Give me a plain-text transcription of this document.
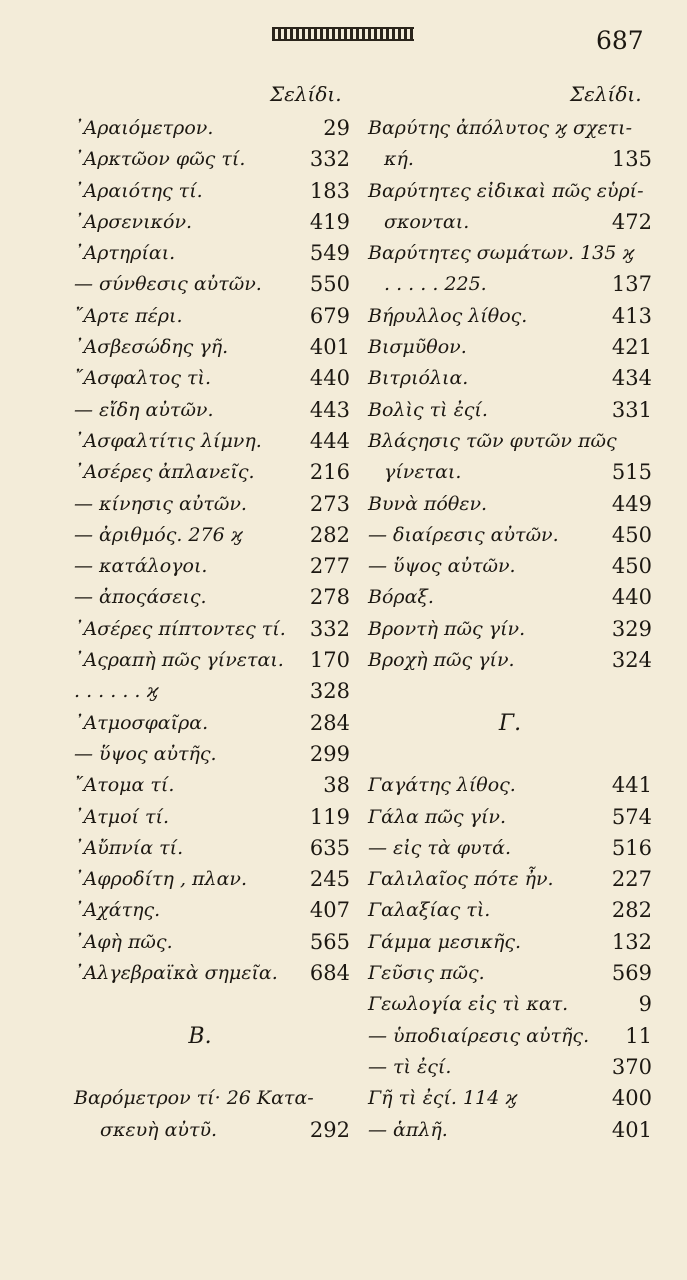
687
Σελίδι.
᾿Αραιόμετρον.	29
᾿Αρκτῶον φῶς τί.	332
᾿Αραιότης τί.	183
᾿Αρσενικόν.	419
᾿Αρτηρίαι.	549
— σύνθεσις αὐτῶν. 550
῎Αρτε πέρι.	679
᾿Ασβεσώδης γῆ.	401
῎Ασφαλτος τὶ.	440
— εἴδη αὐτῶν.	443
᾿Ασφαλτίτις λίμνη. 444
᾿Ασέρες ἀπλανεῖς.	216
— κίνησις αὐτῶν.	273
— ἀριθμός. 276 ϗ	282
— κατάλογοι.	277
— ἀποςάσεις.	278
᾿Ασέρες πίπτοντες τί. 332
᾿Αςραπὴ πῶς γίνεται. 170
. . . . . . ϗ	328
᾿Ατμοσφαῖρα.	284
— ὕψος αὐτῆς.	299
῎Ατομα τί.	38
᾿Ατμοί τί.	119
᾿Αὔπνία τί.	635
᾿Αφροδίτη , πλαν.	245
᾿Αχάτης.	407
᾿Αφὴ πῶς.	565
᾿Αλγεβραϊκὰ σημεῖα. 684
Β.
Βαρόμετρον τί· 26 Κατα-
σκευὴ αὐτῦ.	292
Σελίδι.
Βαρύτης ἀπόλυτος ϗ σχετι-
κή.	135
Βαρύτητες εἰδικαὶ πῶς εὑρί-
σκονται.	472
Βαρύτητες σωμάτων. 135 ϗ
. . . . . 225.	137
Βήρυλλος λίθος.	413
Βισμῦθον.	421
Βιτριόλια.	434
Βολὶς τὶ ἐςί.	331
Βλάςησις τῶν φυτῶν πῶς
γίνεται.	515
Βυνὰ πόθεν.	449
— διαίρεσις αὐτῶν.	450
— ὕψος αὐτῶν.	450
Βόραξ.	440
Βροντὴ πῶς γίν.	329
Βροχὴ πῶς γίν.	324
Γ.
Γαγάτης λίθος.	441
Γάλα πῶς γίν.	574
— εἰς τὰ φυτά.	516
Γαλιλαῖος πότε ἦν.	227
Γαλαξίας τὶ.	282
Γάμμα μεσικῆς.	132
Γεῦσις πῶς.	569
Γεωλογία εἰς τὶ κατ.	9
— ὑποδιαίρεσις αὐτῆς. 11
— τὶ ἐςί.	370
Γῆ τὶ ἐςί. 114 ϗ	400
— ἁπλῆ.	401
